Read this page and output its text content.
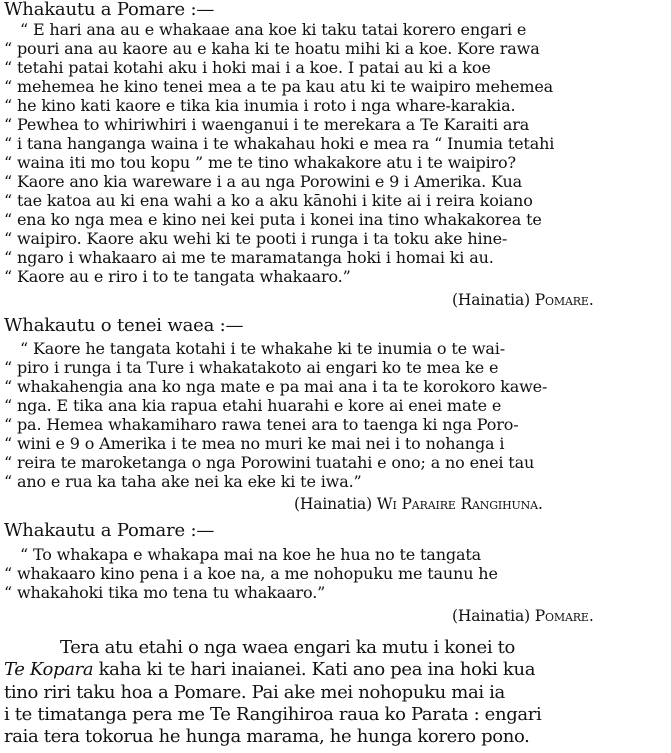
Whakautu a Pomare :—
“ E hari ana au e whakaae ana koe ki taku tatai korero engari e
“ pouri ana au kaore au e kaha ki te hoatu mihi ki a koe. Kore rawa
“ tetahi patai kotahi aku i hoki mai i a koe. I patai au ki a koe
“ mehemea he kino tenei mea a te pa kau atu ki te waipiro mehemea
“ he kino kati kaore e tika kia inumia i roto i nga whare-karakia.
“ Pewhea to whiriwhiri i waenganui i te merekara a Te Karaiti ara
“ i tana hanganga waina i te whakahau hoki e mea ra “ Inumia tetahi
“ waina iti mo tou kopu ” me te tino whakakore atu i te waipiro?
“ Kaore ano kia wareware i a au nga Porowini e 9 i Amerika. Kua
“ tae katoa au ki ena wahi a ko a aku kānohi i kite ai i reira koiano
“ ena ko nga mea e kino nei kei puta i konei ina tino whakakorea te
“ waipiro. Kaore aku wehi ki te pooti i runga i ta toku ake hine-
“ ngaro i whakaaro ai me te maramatanga hoki i homai ki au.
“ Kaore au e riro i to te tangata whakaaro.”
(Hainatia) Pomare.
Whakautu o tenei waea :—
“ Kaore he tangata kotahi i te whakahe ki te inumia o te wai-
“ piro i runga i ta Ture i whakatakoto ai engari ko te mea ke e
“ whakahengia ana ko nga mate e pa mai ana i ta te korokoro kawe-
“ nga. E tika ana kia rapua etahi huarahi e kore ai enei mate e
“ pa. Hemea whakamiharo rawa tenei ara to taenga ki nga Poro-
“ wini e 9 o Amerika i te mea no muri ke mai nei i to nohanga i
“ reira te maroketanga o nga Porowini tuatahi e ono; a no enei tau
“ ano e rua ka taha ake nei ka eke ki te iwa.”
(Hainatia) Wi Paraire Rangihuna.
Whakautu a Pomare :—
“ To whakapa e whakapa mai na koe he hua no te tangata
“ whakaaro kino pena i a koe na, a me nohopuku me taunu he
“ whakahoki tika mo tena tu whakaaro.”
(Hainatia) Pomare.
Tera atu etahi o nga waea engari ka mutu i konei to
Te Kopara kaha ki te hari inaianei. Kati ano pea ina hoki kua
tino riri taku hoa a Pomare. Pai ake mei nohopuku mai ia
i te timatanga pera me Te Rangihiroa raua ko Parata : engari
raia tera tokorua he hunga marama, he hunga korero pono.
